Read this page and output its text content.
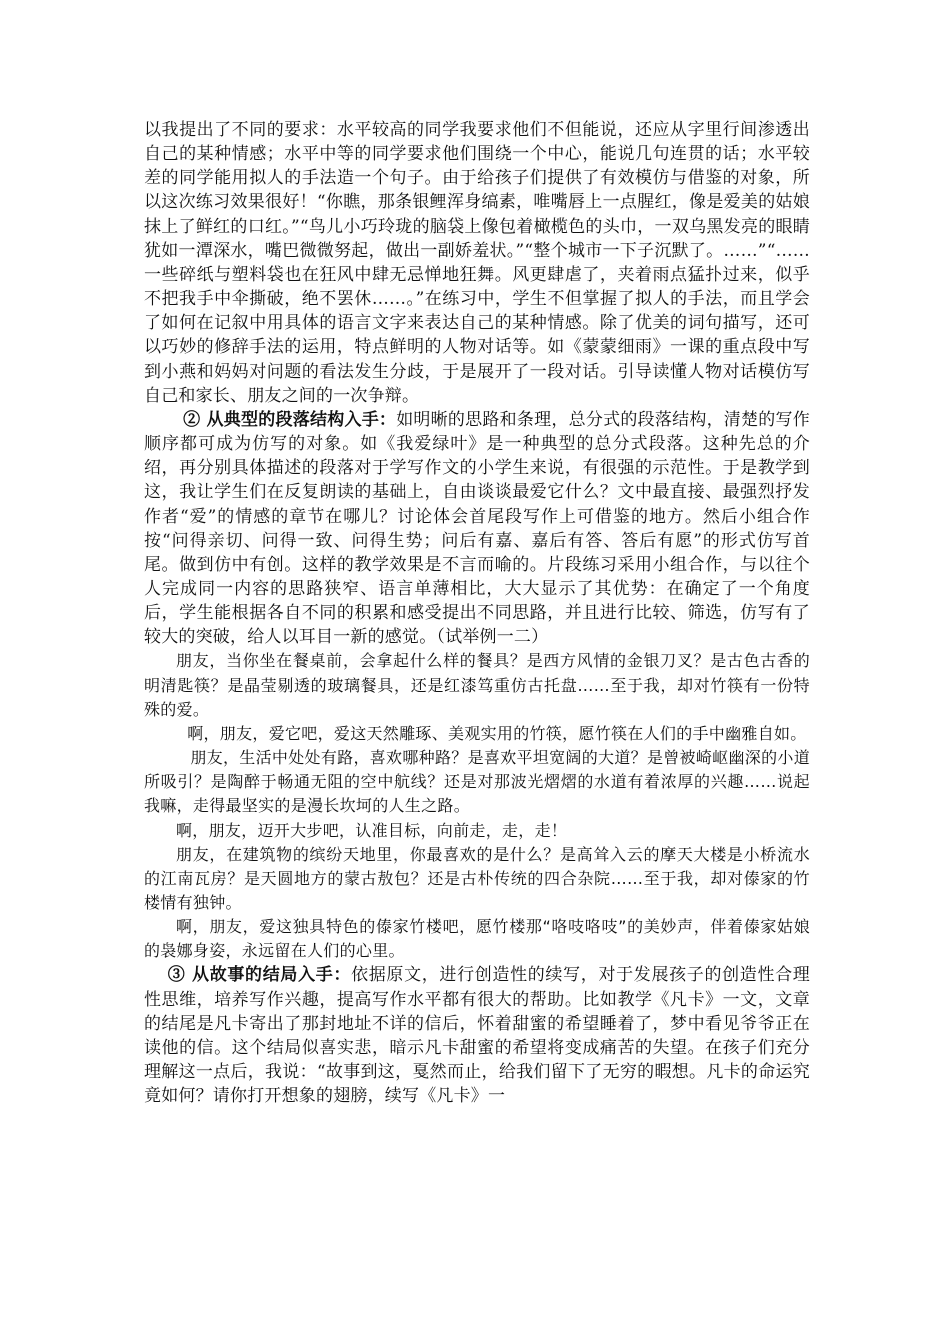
以我提出了不同的要求：水平较高的同学我要求他们不但能说，还应从字里行间渗透出自己的某种情感；水平中等的同学要求他们围绕一个中心，能说几句连贯的话；水平较差的同学能用拟人的手法造一个句子。由于给孩子们提供了有效模仿与借鉴的对象，所以这次练习效果很好！“你瞧，那条银鲤浑身缟素，唯嘴唇上一点腥红，像是爱美的姑娘抹上了鲜红的口红。”“鸟儿小巧玲珑的脑袋上像包着橄榄色的头巾，一双乌黑发亮的眼睛犹如一潭深水，嘴巴微微努起，做出一副娇羞状。”“整个城市一下子沉默了。……”“……一些碎纸与塑料袋也在狂风中肆无忌惮地狂舞。风更肆虐了，夹着雨点猛扑过来，似乎不把我手中伞撕破，绝不罢休……。”在练习中，学生不但掌握了拟人的手法，而且学会了如何在记叙中用具体的语言文字来表达自己的某种情感。除了优美的词句描写，还可以巧妙的修辞手法的运用，特点鲜明的人物对话等。如《蒙蒙细雨》一课的重点段中写到小燕和妈妈对问题的看法发生分歧，于是展开了一段对话。引导读懂人物对话模仿写自己和家长、朋友之间的一次争辩。

② 从典型的段落结构入手：如明晰的思路和条理，总分式的段落结构，清楚的写作顺序都可成为仿写的对象。如《我爱绿叶》是一种典型的总分式段落。这种先总的介绍，再分别具体描述的段落对于学写作文的小学生来说，有很强的示范性。于是教学到这，我让学生们在反复朗读的基础上，自由谈谈最爱它什么？文中最直接、最强烈抒发作者“爱”的情感的章节在哪儿？讨论体会首尾段写作上可借鉴的地方。然后小组合作按“问得亲切、问得一致、问得生势；问后有嘉、嘉后有答、答后有愿”的形式仿写首尾。做到仿中有创。这样的教学效果是不言而喻的。片段练习采用小组合作，与以往个人完成同一内容的思路狭窄、语言单薄相比，大大显示了其优势：在确定了一个角度后，学生能根据各自不同的积累和感受提出不同思路，并且进行比较、筛选，仿写有了较大的突破，给人以耳目一新的感觉。（试举例一二）

朋友，当你坐在餐桌前，会拿起什么样的餐具？是西方风情的金银刀叉？是古色古香的明清匙筷？是晶莹剔透的玻璃餐具，还是红漆笃重仿古托盘……至于我，却对竹筷有一份特殊的爱。

啊，朋友，爱它吧，爱这天然雕琢、美观实用的竹筷，愿竹筷在人们的手中幽雅自如。

朋友，生活中处处有路，喜欢哪种路？是喜欢平坦宽阔的大道？是曾被崎岖幽深的小道所吸引？是陶醉于畅通无阻的空中航线？还是对那波光熠熠的水道有着浓厚的兴趣……说起我嘛，走得最坚实的是漫长坎坷的人生之路。

啊，朋友，迈开大步吧，认准目标，向前走，走，走！

朋友，在建筑物的缤纷天地里，你最喜欢的是什么？是高耸入云的摩天大楼是小桥流水的江南瓦房？是天圆地方的蒙古敖包？还是古朴传统的四合杂院……至于我，却对傣家的竹楼情有独钟。

啊，朋友，爱这独具特色的傣家竹楼吧，愿竹楼那“咯吱咯吱”的美妙声，伴着傣家姑娘的袅娜身姿，永远留在人们的心里。

③ 从故事的结局入手：依据原文，进行创造性的续写，对于发展孩子的创造性合理性思维，培养写作兴趣，提高写作水平都有很大的帮助。比如教学《凡卡》一文，文章的结尾是凡卡寄出了那封地址不详的信后，怀着甜蜜的希望睡着了，梦中看见爷爷正在读他的信。这个结局似喜实悲，暗示凡卡甜蜜的希望将变成痛苦的失望。在孩子们充分理解这一点后，我说：“故事到这，戛然而止，给我们留下了无穷的暇想。凡卡的命运究竟如何？请你打开想象的翅膀，续写《凡卡》一
